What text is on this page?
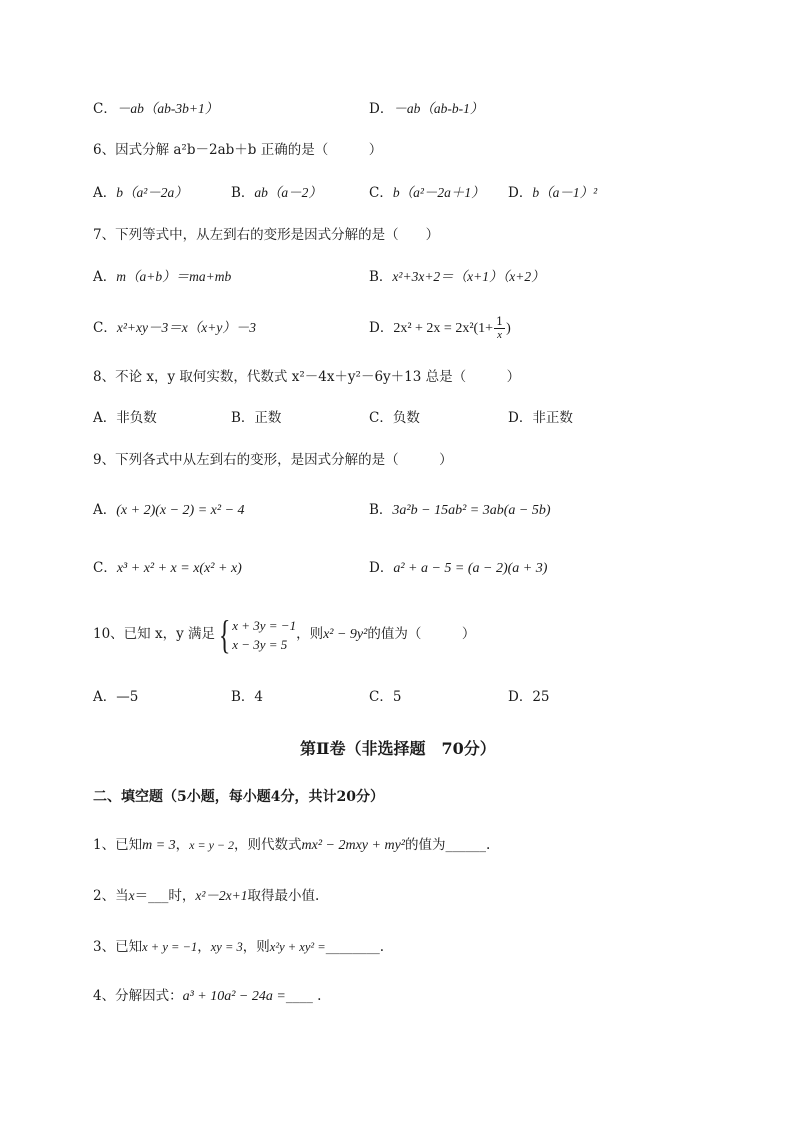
C．－ab（ab-3b+1）	D．－ab（ab-b-1）
6、因式分解 a²b－2ab＋b 正确的是（　　　）
A．b（a²－2a）	B．ab（a－2）	C．b（a²－2a＋1） D．b（a－1）²
7、下列等式中，从左到右的变形是因式分解的是（　　）
A．m（a+b）＝ma+mb	B．x²+3x+2＝（x+1）（x+2）
C．x²+xy－3＝x（x+y）－3	D．$2x^2 + 2x = 2x^2(1+ \frac{1}{x}$ )
8、不论 x，y 取何实数，代数式 x²－4x＋y²－6y＋13 总是（　　　）
A．非负数	B．正数	C．负数	D．非正数
9、下列各式中从左到右的变形，是因式分解的是（　　　）
A．(x + 2)(x − 2) = x² − 4	B．3a²b − 15ab² = 3ab(a − 5b)
C．x³ + x² + x = x(x² + x)	D．a² + a − 5 = (a − 2)(a + 3)
10、已知 x，y 满足 { x + 3y = −1
x − 3y = 5
，则x² − 9y²的值为（　　　）
A．—5	B．4	C．5	D．25
第Ⅱ卷（非选择题　70分）
二、填空题（5小题，每小题4分，共计20分）
1、已知m = 3，x = y − 2，则代数式mx² − 2mxy + my²的值为______.
2、当x＝___时，x²－2x+1取得最小值.
3、已知x + y = −1，xy = 3，则x²y + xy² =________.
4、分解因式：a³ + 10a² − 24a =____ .
